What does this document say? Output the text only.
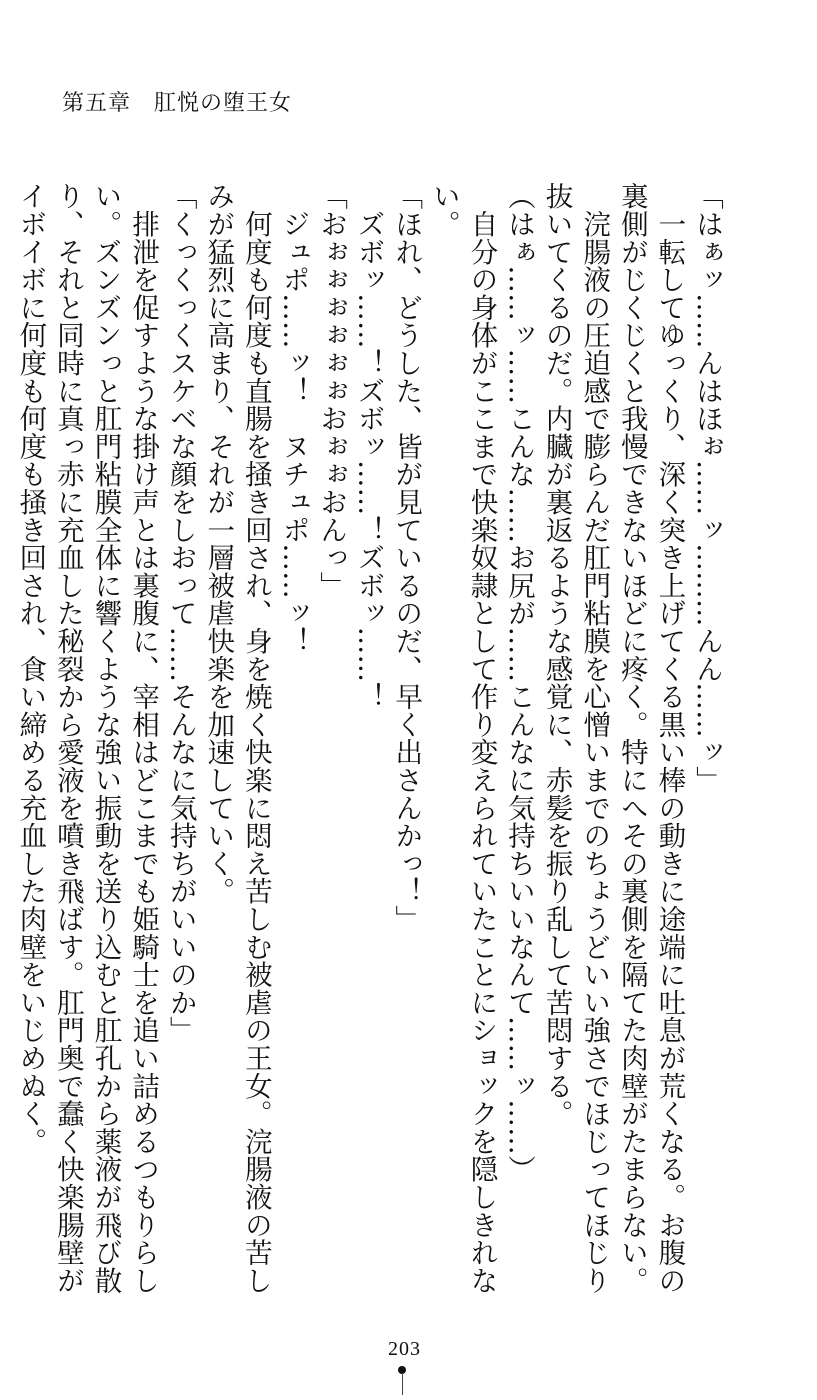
第五章　肛悦の堕王女
「はぁッ……んはほぉ……ッ………んん……ッ」
　一転してゆっくり、深く突き上げてくる黒い棒の動きに途端に吐息が荒くなる。お腹の
裏側がじくじくと我慢できないほどに疼く。特にへその裏側を隔てた肉壁がたまらない。
　浣腸液の圧迫感で膨らんだ肛門粘膜を心憎いまでのちょうどいい強さでほじってほじり
抜いてくるのだ。内臓が裏返るような感覚に、赤髪を振り乱して苦悶する。
（はぁ……ッ……こんな……お尻が……こんなに気持ちいいなんて……ッ……）
　自分の身体がここまで快楽奴隷として作り変えられていたことにショックを隠しきれな
い。
「ほれ、どうした、皆が見ているのだ、早く出さんかっ！」
　ズボッ……！ズボッ……！ズボッ……！
「おぉぉぉぉぉぉおぉぉおんっ」
　ジュポ……ッ！　ヌチュポ……ッ！
　何度も何度も直腸を掻き回され、身を焼く快楽に悶え苦しむ被虐の王女。浣腸液の苦し
みが猛烈に高まり、それが一層被虐快楽を加速していく。
「くっくっくスケベな顔をしおって……そんなに気持ちがいいのか」
　排泄を促すような掛け声とは裏腹に、宰相はどこまでも姫騎士を追い詰めるつもりらし
い。ズンズンっと肛門粘膜全体に響くような強い振動を送り込むと肛孔から薬液が飛び散
り、それと同時に真っ赤に充血した秘裂から愛液を噴き飛ばす。肛門奥で蠢く快楽腸壁が
イボイボに何度も何度も掻き回され、食い締める充血した肉壁をいじめぬく。
203
